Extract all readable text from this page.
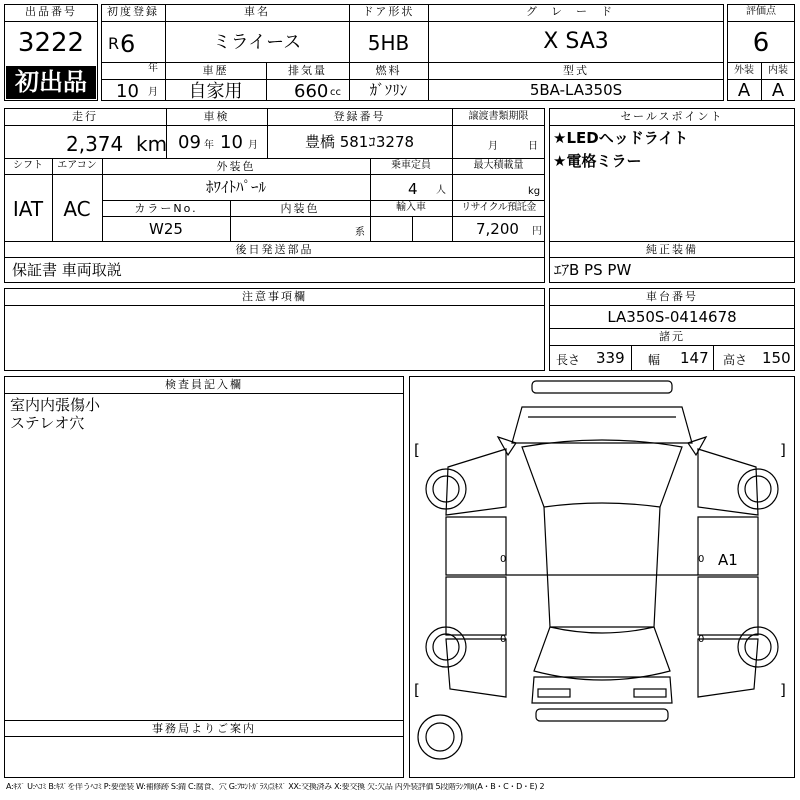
出品番号
3222
初出品
初度登録
R 6
年
10 月
車名
ミライース
ドア形状
5HB
グレード
X SA3
車歴
自家用
排気量
660 cc
燃料
ｶﾞｿﾘﾝ
型式
5BA-LA350S
評価点
6
外装	内装
A	A
走行
2,374 km
車検
09 年 10 月
登録番号
豊橋 581ｺ3278
譲渡書類期限
月	日
シフト
IAT
エアコン
AC
外装色
ﾎﾜｲﾄﾊﾟｰﾙ
乗車定員
4 人
最大積載量
kg
カラーNo.
W25
内装色
系
輸入車	リサイクル預託金
7,200 円
後日発送部品
保証書 車両取説
注意事項欄
セールスポイント
★LEDヘッドライト
★電格ミラー
純正装備
ｴｱB PS PW
車台番号
LA350S-0414678
諸元
長さ 339 幅 147 高さ 150
検査員記入欄
室内内張傷小
ステレオ穴
事務局よりご案内
[	]
[	]
0	0
0	0
A1
A:ｷｽﾞ U:ﾍｺﾐ B:ｷｽﾞを伴うﾍｺﾐ P:要塗装 W:補修跡 S:錆 C:腐食、穴 G:ﾌﾛﾝﾄｶﾞﾗｽ点ｷｽﾞ XX:交換済み X:要交換 欠:欠品 内外装評価 5段階ﾗﾝｸ順(A・B・C・D・E) 2
